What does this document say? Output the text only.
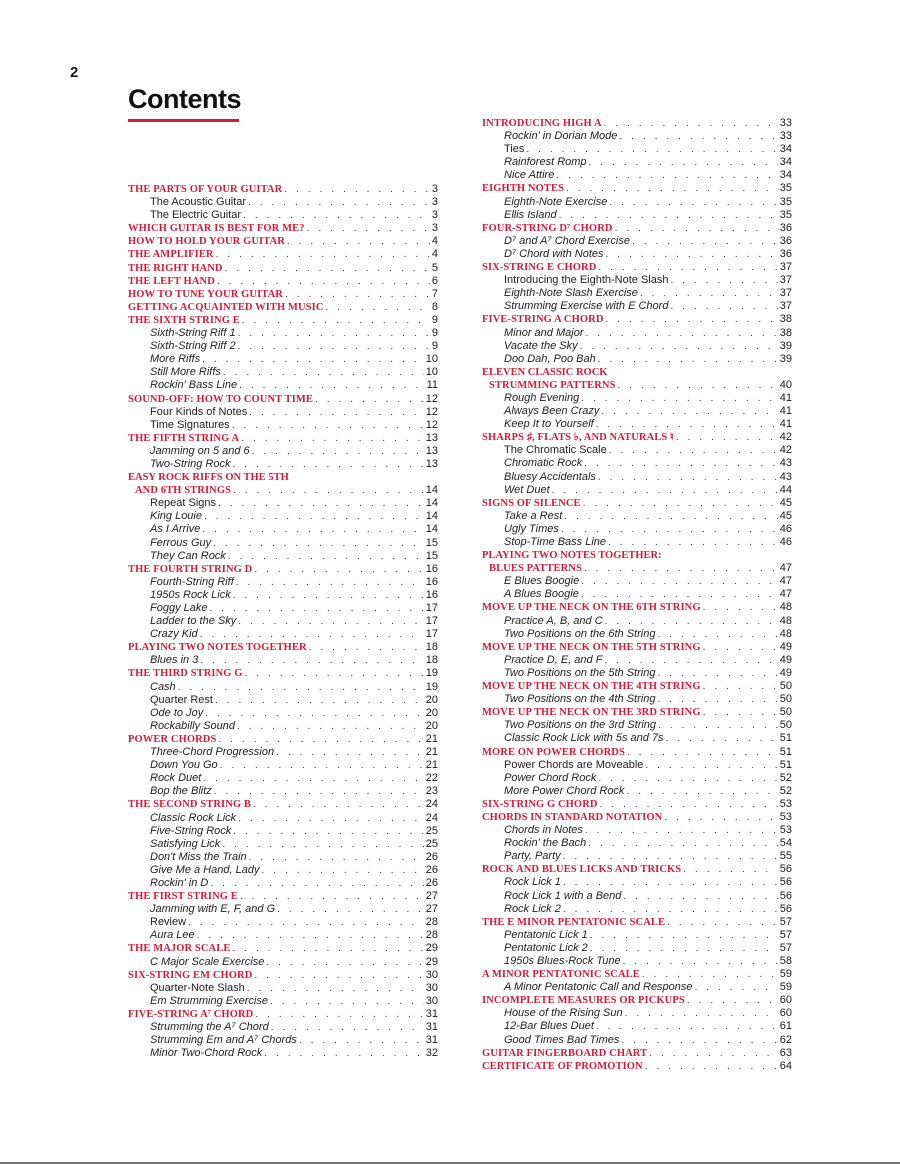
2
Contents
THE PARTS OF YOUR GUITAR . . .	3
The Acoustic Guitar . . .	3
The Electric Guitar . . .	3
WHICH GUITAR IS BEST FOR ME? . . .	3
HOW TO HOLD YOUR GUITAR . . .	4
THE AMPLIFIER . . .	4
THE RIGHT HAND . . .	5
THE LEFT HAND . . .	6
HOW TO TUNE YOUR GUITAR . . .	7
GETTING ACQUAINTED WITH MUSIC . . .	8
THE SIXTH STRING E . . .	9
Sixth-String Riff 1 . . .	9
Sixth-String Riff 2 . . .	9
More Riffs . . .	10
Still More Riffs . . .	10
Rockin' Bass Line . . .	11
SOUND-OFF: HOW TO COUNT TIME . . .	12
Four Kinds of Notes . . .	12
Time Signatures . . .	12
THE FIFTH STRING A . . .	13
Jamming on 5 and 6 . . .	13
Two-String Rock . . .	13
EASY ROCK RIFFS ON THE 5TH
AND 6TH STRINGS . . .	14
Repeat Signs . . .	14
King Louie . . .	14
As I Arrive . . .	14
Ferrous Guy . . .	15
They Can Rock . . .	15
THE FOURTH STRING D . . .	16
Fourth-String Riff . . .	16
1950s Rock Lick . . .	16
Foggy Lake . . .	17
Ladder to the Sky . . .	17
Crazy Kid . . .	17
PLAYING TWO NOTES TOGETHER . . .	18
Blues in 3 . . .	18
THE THIRD STRING G . . .	19
Cash . . .	19
Quarter Rest . . .	20
Ode to Joy . . .	20
Rockabilly Sound . . .	20
POWER CHORDS . . .	21
Three-Chord Progression . . .	21
Down You Go . . .	21
Rock Duet . . .	22
Bop the Blitz . . .	23
THE SECOND STRING B . . .	24
Classic Rock Lick . . .	24
Five-String Rock . . .	25
Satisfying Lick . . .	25
Don't Miss the Train . . .	26
Give Me a Hand, Lady . . .	26
Rockin' in D . . .	26
THE FIRST STRING E . . .	27
Jamming with E, F, and G . . .	27
Review . . .	28
Aura Lee . . .	28
THE MAJOR SCALE . . .	29
C Major Scale Exercise . . .	29
SIX-STRING EM CHORD . . .	30
Quarter-Note Slash . . .	30
Em Strumming Exercise . . .	30
FIVE-STRING A⁷ CHORD . . .	31
Strumming the A⁷ Chord . . .	31
Strumming Em and A⁷ Chords . . .	31
Minor Two-Chord Rock . . .	32
INTRODUCING HIGH A . . .	33
Rockin' in Dorian Mode . . .	33
Ties . . .	34
Rainforest Romp . . .	34
Nice Attire . . .	34
EIGHTH NOTES . . .	35
Eighth-Note Exercise . . .	35
Ellis Island . . .	35
FOUR-STRING D⁷ CHORD . . .	36
D⁷ and A⁷ Chord Exercise . . .	36
D⁷ Chord with Notes . . .	36
SIX-STRING E CHORD . . .	37
Introducing the Eighth-Note Slash . . .	37
Eighth-Note Slash Exercise . . .	37
Strumming Exercise with E Chord . . .	37
FIVE-STRING A CHORD . . .	38
Minor and Major . . .	38
Vacate the Sky . . .	39
Doo Dah, Poo Bah . . .	39
ELEVEN CLASSIC ROCK
STRUMMING PATTERNS . . .	40
Rough Evening . . .	41
Always Been Crazy . . .	41
Keep It to Yourself . . .	41
SHARPS ♯, FLATS ♭, AND NATURALS ♮ . . .	42
The Chromatic Scale . . .	42
Chromatic Rock . . .	43
Bluesy Accidentals . . .	43
Wet Duet . . .	44
SIGNS OF SILENCE . . .	45
Take a Rest . . .	45
Ugly Times . . .	46
Stop-Time Bass Line . . .	46
PLAYING TWO NOTES TOGETHER:
BLUES PATTERNS . . .	47
E Blues Boogie . . .	47
A Blues Boogie . . .	47
MOVE UP THE NECK ON THE 6TH STRING . . .	48
Practice A, B, and C . . .	48
Two Positions on the 6th String . . .	48
MOVE UP THE NECK ON THE 5TH STRING . . .	49
Practice D, E, and F . . .	49
Two Positions on the 5th String . . .	49
MOVE UP THE NECK ON THE 4TH STRING . . .	50
Two Positions on the 4th String . . .	50
MOVE UP THE NECK ON THE 3RD STRING . . .	50
Two Positions on the 3rd String . . .	50
Classic Rock Lick with 5s and 7s . . .	51
MORE ON POWER CHORDS . . .	51
Power Chords are Moveable . . .	51
Power Chord Rock . . .	52
More Power Chord Rock . . .	52
SIX-STRING G CHORD . . .	53
CHORDS IN STANDARD NOTATION . . .	53
Chords in Notes . . .	53
Rockin' the Bach . . .	54
Party, Party . . .	55
ROCK AND BLUES LICKS AND TRICKS . . .	56
Rock Lick 1 . . .	56
Rock Lick 1 with a Bend . . .	56
Rock Lick 2 . . .	56
THE E MINOR PENTATONIC SCALE . . .	57
Pentatonic Lick 1 . . .	57
Pentatonic Lick 2 . . .	57
1950s Blues-Rock Tune . . .	58
A MINOR PENTATONIC SCALE . . .	59
A Minor Pentatonic Call and Response . . .	59
INCOMPLETE MEASURES OR PICKUPS . . .	60
House of the Rising Sun . . .	60
12-Bar Blues Duet . . .	61
Good Times Bad Times . . .	62
GUITAR FINGERBOARD CHART . . .	63
CERTIFICATE OF PROMOTION . . .	64
